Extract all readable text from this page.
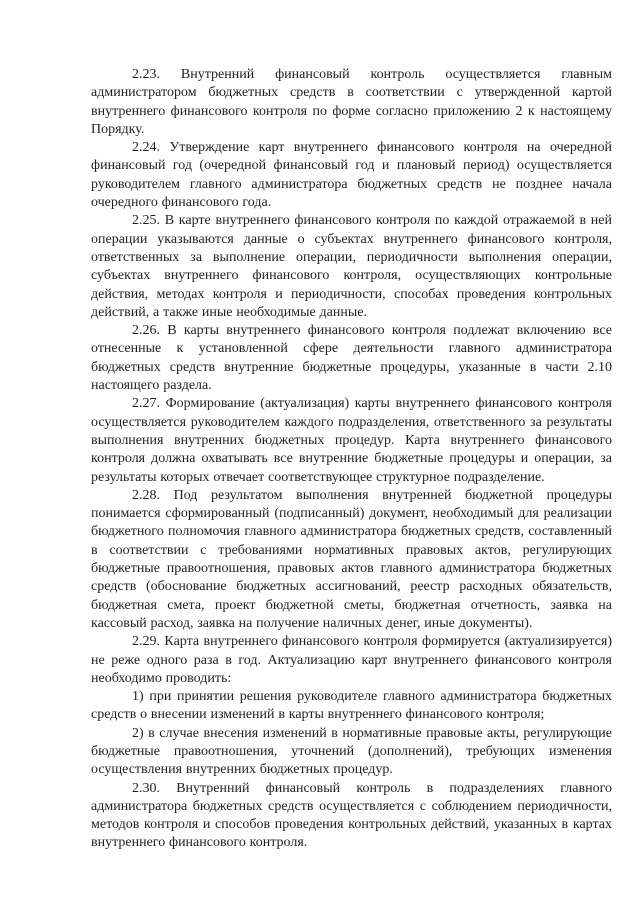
2.23. Внутренний финансовый контроль осуществляется главным администратором бюджетных средств в соответствии с утвержденной картой внутреннего финансового контроля по форме согласно приложению 2 к настоящему Порядку.

2.24. Утверждение карт внутреннего финансового контроля на очередной финансовый год (очередной финансовый год и плановый период) осуществляется руководителем главного администратора бюджетных средств не позднее начала очередного финансового года.

2.25. В карте внутреннего финансового контроля по каждой отражаемой в ней операции указываются данные о субъектах внутреннего финансового контроля, ответственных за выполнение операции, периодичности выполнения операции, субъектах внутреннего финансового контроля, осуществляющих контрольные действия, методах контроля и периодичности, способах проведения контрольных действий, а также иные необходимые данные.

2.26. В карты внутреннего финансового контроля подлежат включению все отнесенные к установленной сфере деятельности главного администратора бюджетных средств внутренние бюджетные процедуры, указанные в части 2.10 настоящего раздела.

2.27. Формирование (актуализация) карты внутреннего финансового контроля осуществляется руководителем каждого подразделения, ответственного за результаты выполнения внутренних бюджетных процедур. Карта внутреннего финансового контроля должна охватывать все внутренние бюджетные процедуры и операции, за результаты которых отвечает соответствующее структурное подразделение.

2.28. Под результатом выполнения внутренней бюджетной процедуры понимается сформированный (подписанный) документ, необходимый для реализации бюджетного полномочия главного администратора бюджетных средств, составленный в соответствии с требованиями нормативных правовых актов, регулирующих бюджетные правоотношения, правовых актов главного администратора бюджетных средств (обоснование бюджетных ассигнований, реестр расходных обязательств, бюджетная смета, проект бюджетной сметы, бюджетная отчетность, заявка на кассовый расход, заявка на получение наличных денег, иные документы).

2.29. Карта внутреннего финансового контроля формируется (актуализируется) не реже одного раза в год. Актуализацию карт внутреннего финансового контроля необходимо проводить:

1) при принятии решения руководителе главного администратора бюджетных средств о внесении изменений в карты внутреннего финансового контроля;

2) в случае внесения изменений в нормативные правовые акты, регулирующие бюджетные правоотношения, уточнений (дополнений), требующих изменения осуществления внутренних бюджетных процедур.

2.30. Внутренний финансовый контроль в подразделениях главного администратора бюджетных средств осуществляется с соблюдением периодичности, методов контроля и способов проведения контрольных действий, указанных в картах внутреннего финансового контроля.
